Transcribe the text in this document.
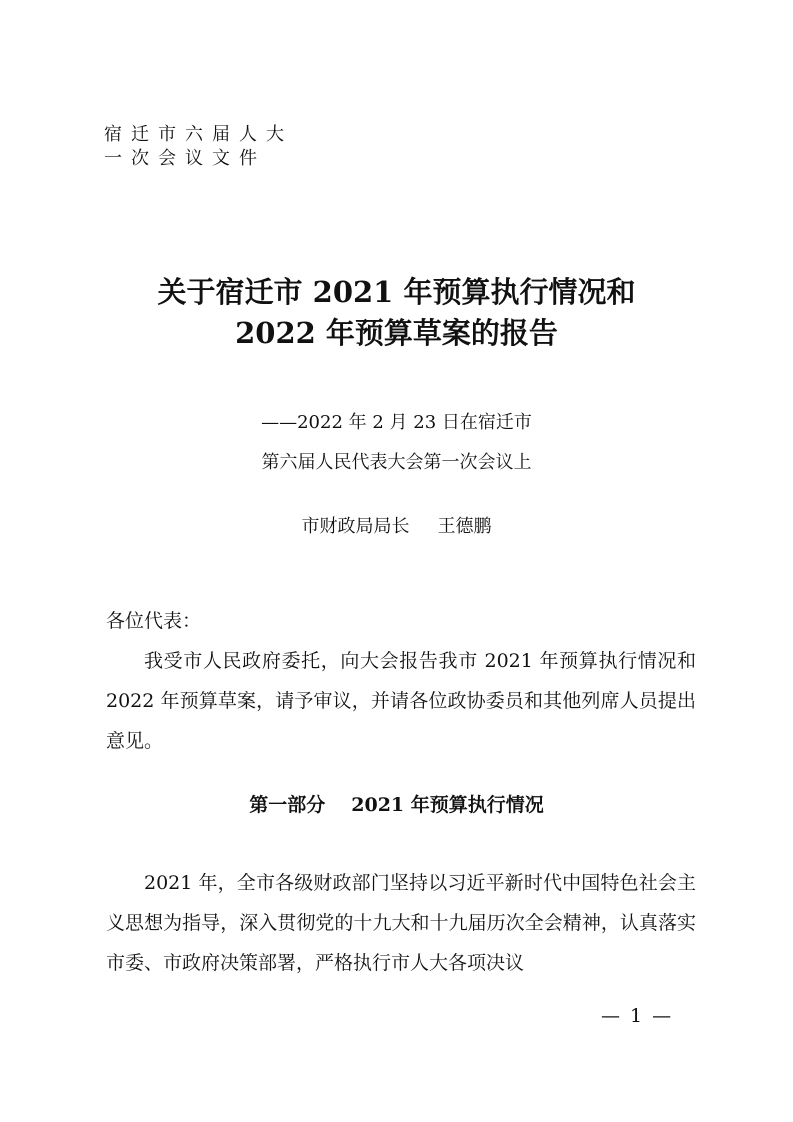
宿迁市六届人大
一次会议文件
关于宿迁市 2021 年预算执行情况和
2022 年预算草案的报告
——2022 年 2 月 23 日在宿迁市
第六届人民代表大会第一次会议上
市财政局局长 王德鹏
各位代表：
我受市人民政府委托，向大会报告我市 2021 年预算执行情况和 2022 年预算草案，请予审议，并请各位政协委员和其他列席人员提出意见。
第一部分 2021 年预算执行情况
2021 年，全市各级财政部门坚持以习近平新时代中国特色社会主义思想为指导，深入贯彻党的十九大和十九届历次全会精神，认真落实市委、市政府决策部署，严格执行市人大各项决议
— 1 —
